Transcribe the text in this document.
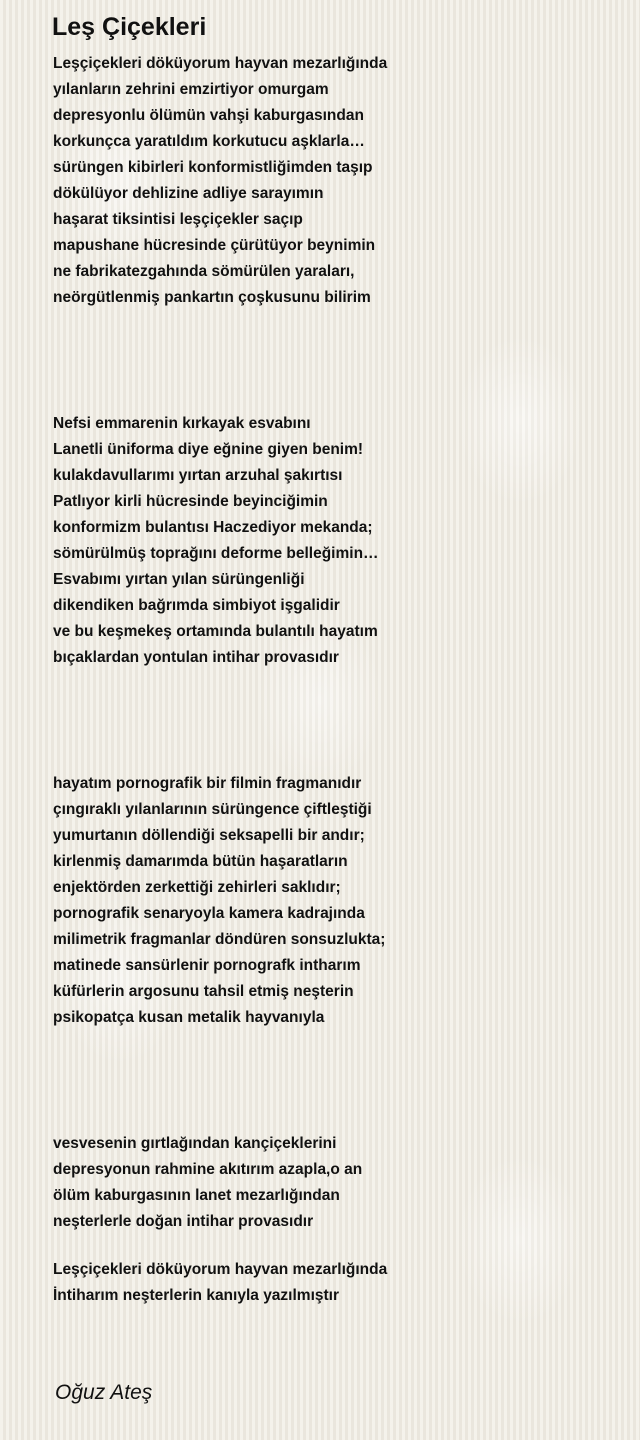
Leş Çiçekleri
Leşçiçekleri döküyorum hayvan mezarlığında
yılanların zehrini emzirtiyor omurgam
depresyonlu ölümün vahşi kaburgasından
korkunçca yaratıldım korkutucu aşklarla…
sürüngen kibirleri konformistliğimden taşıp
dökülüyor dehlizine adliye sarayımın
haşarat tiksintisi leşçiçekler saçıp
mapushane hücresinde çürütüyor beynimin
ne fabrikatezgahında sömürülen yaraları,
neörgütlenmiş pankartın çoşkusunu bilirim
Nefsi emmarenin kırkayak esvabını
Lanetli üniforma diye eğnine giyen benim!
kulakdavullarımı yırtan arzuhal şakırtısı
Patlıyor kirli hücresinde beyinciğimin
konformizm bulantısı Haczediyor mekanda;
sömürülmüş toprağını deforme belleğimin…
Esvabımı yırtan yılan sürüngenliği
dikendiken bağrımda simbiyot işgalidir
ve bu keşmekeş ortamında bulantılı hayatım
bıçaklardan yontulan intihar provasıdır
hayatım pornografik bir filmin fragmanıdır
çıngıraklı yılanlarının sürüngence çiftleştiği
yumurtanın döllendiği seksapelli bir andır;
kirlenmiş damarımda bütün haşaratların
enjektörden zerkettiği zehirleri saklıdır;
pornografik senaryoyla kamera kadrajında
milimetrik fragmanlar döndüren sonsuzlukta;
matinede sansürlenir pornografk intharım
küfürlerin argosunu tahsil etmiş neşterin
psikopatça kusan metalik hayvanıyla
vesvesenin gırtlağından kançiçeklerini
depresyonun rahmine akıtırım azapla,o an
ölüm kaburgasının lanet mezarlığından
neşterlerle doğan intihar provasıdır
Leşçiçekleri döküyorum hayvan mezarlığında
İntiharım neşterlerin kanıyla yazılmıştır
Oğuz Ateş
